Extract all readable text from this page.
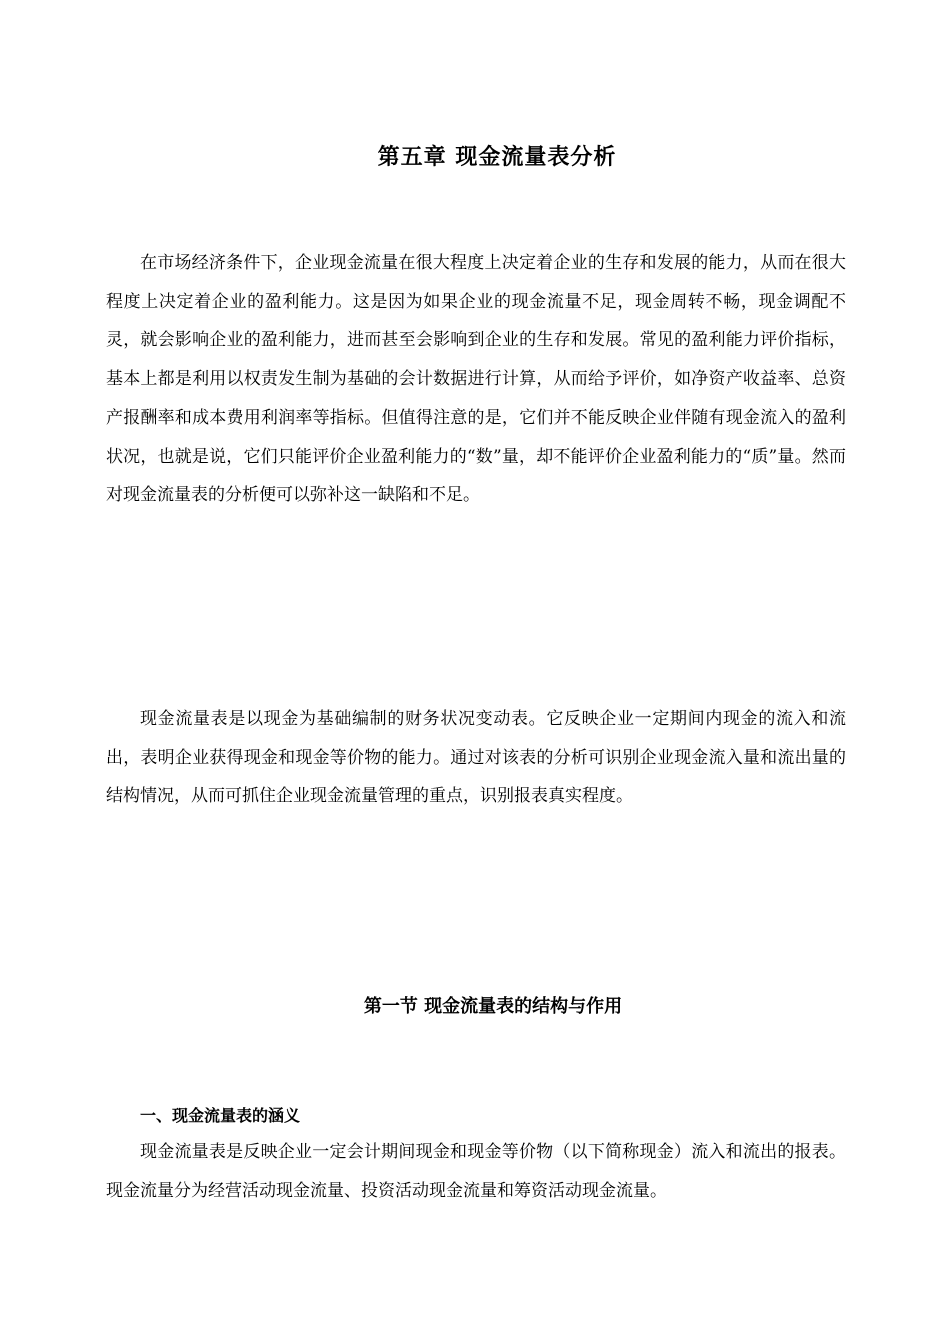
第五章 现金流量表分析

在市场经济条件下，企业现金流量在很大程度上决定着企业的生存和发展的能力，从而在很大程度上决定着企业的盈利能力。这是因为如果企业的现金流量不足，现金周转不畅，现金调配不灵，就会影响企业的盈利能力，进而甚至会影响到企业的生存和发展。常见的盈利能力评价指标，基本上都是利用以权责发生制为基础的会计数据进行计算，从而给予评价，如净资产收益率、总资产报酬率和成本费用利润率等指标。但值得注意的是，它们并不能反映企业伴随有现金流入的盈利状况，也就是说，它们只能评价企业盈利能力的“数”量，却不能评价企业盈利能力的“质”量。然而对现金流量表的分析便可以弥补这一缺陷和不足。

现金流量表是以现金为基础编制的财务状况变动表。它反映企业一定期间内现金的流入和流出，表明企业获得现金和现金等价物的能力。通过对该表的分析可识别企业现金流入量和流出量的结构情况，从而可抓住企业现金流量管理的重点，识别报表真实程度。

第一节 现金流量表的结构与作用
一、现金流量表的涵义

现金流量表是反映企业一定会计期间现金和现金等价物（以下简称现金）流入和流出的报表。现金流量分为经营活动现金流量、投资活动现金流量和筹资活动现金流量。
